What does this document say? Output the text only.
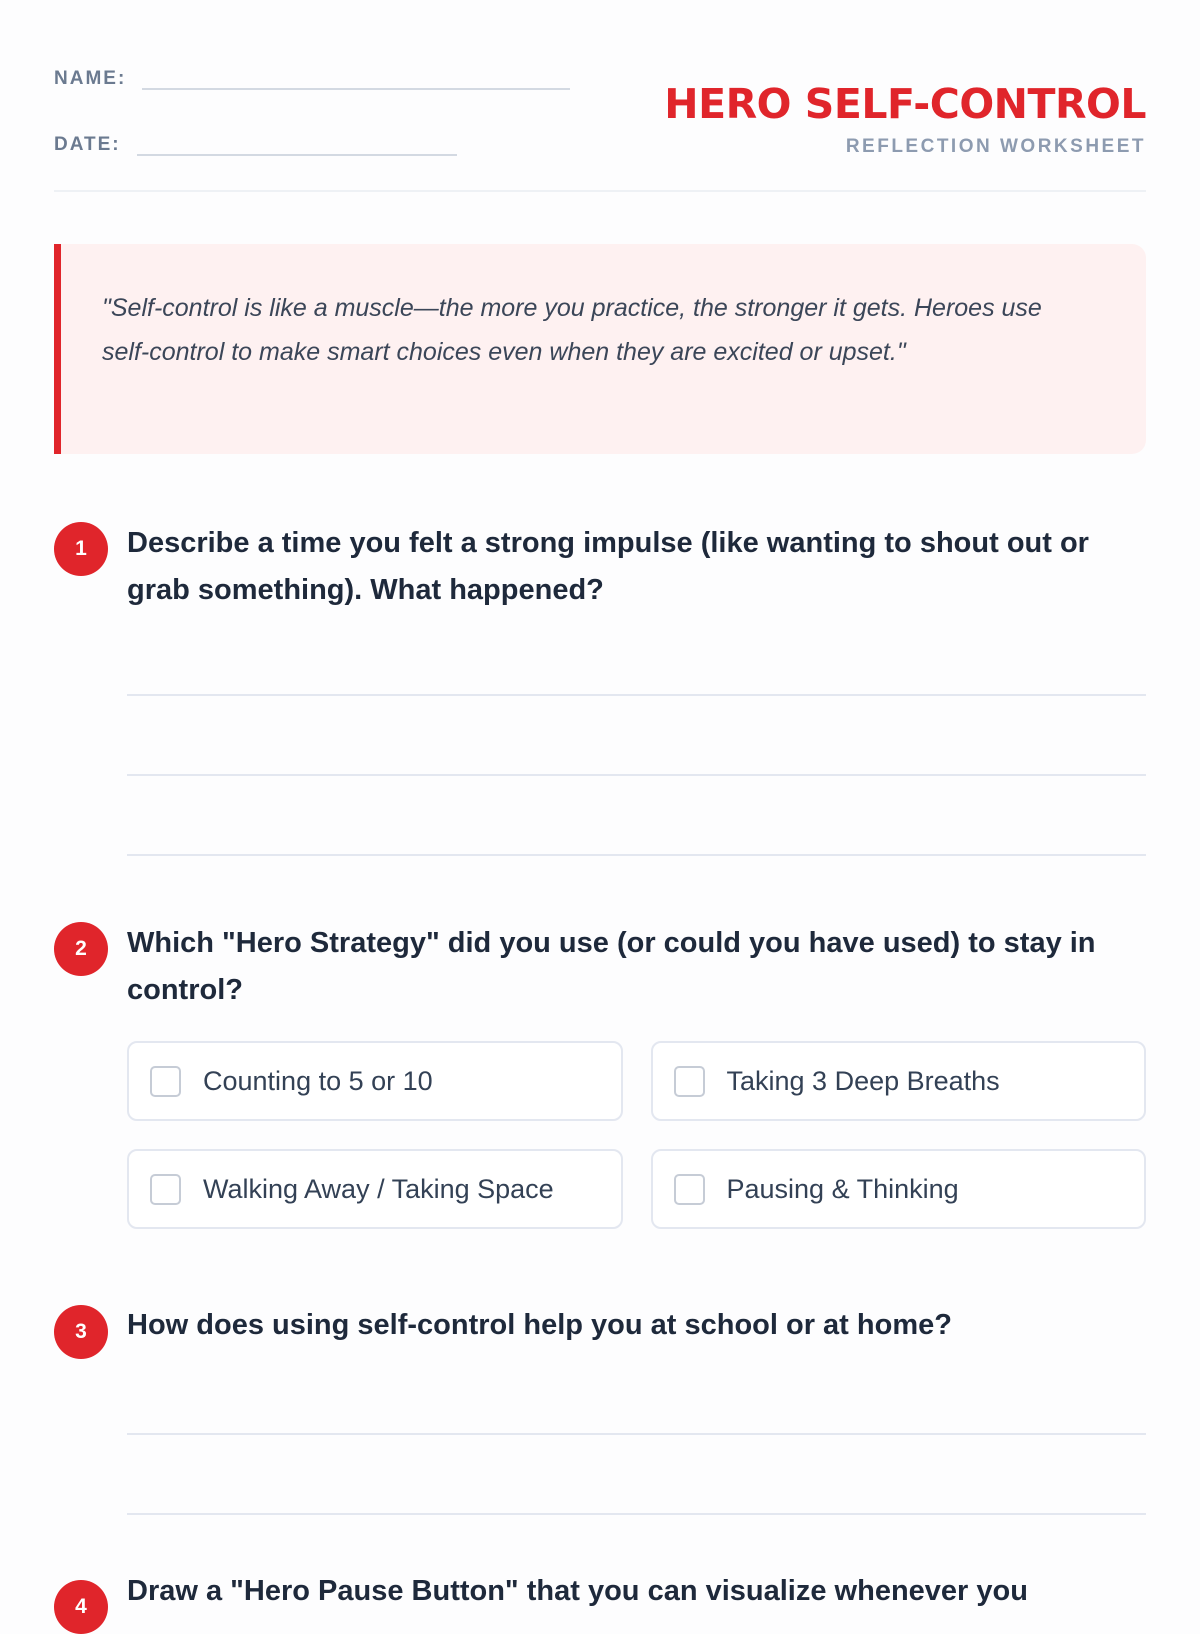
NAME:
DATE:
HERO SELF-CONTROL
REFLECTION WORKSHEET
"Self-control is like a muscle—the more you practice, the stronger it gets. Heroes use self-control to make smart choices even when they are excited or upset."
1	Describe a time you felt a strong impulse (like wanting to shout out or grab something). What happened?
2	Which "Hero Strategy" did you use (or could you have used) to stay in control?
Counting to 5 or 10	Taking 3 Deep Breaths
Walking Away / Taking Space	Pausing & Thinking
3	How does using self-control help you at school or at home?
4	Draw a "Hero Pause Button" that you can visualize whenever you
